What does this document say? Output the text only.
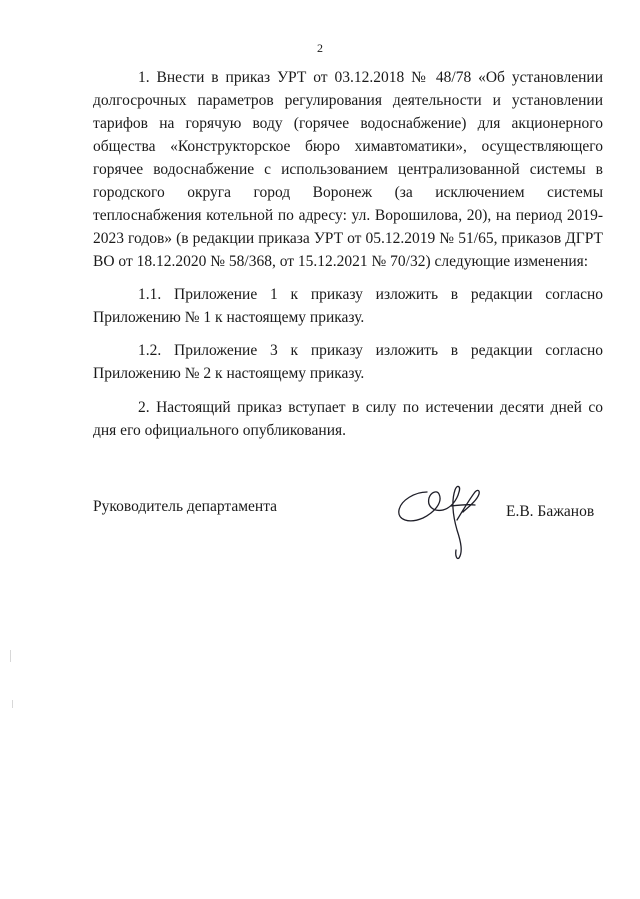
2

1. Внести в приказ УРТ от 03.12.2018 № 48/78 «Об установлении долгосрочных параметров регулирования деятельности и установлении тарифов на горячую воду (горячее водоснабжение) для акционерного общества «Конструкторское бюро химавтоматики», осуществляющего горячее водоснабжение с использованием централизованной системы в городского округа город Воронеж (за исключением системы теплоснабжения котельной по адресу: ул. Ворошилова, 20), на период 2019-2023 годов» (в редакции приказа УРТ от 05.12.2019 № 51/65, приказов ДГРТ ВО от 18.12.2020 № 58/368, от 15.12.2021 № 70/32) следующие изменения:

1.1. Приложение 1 к приказу изложить в редакции согласно Приложению № 1 к настоящему приказу.

1.2. Приложение 3 к приказу изложить в редакции согласно Приложению № 2 к настоящему приказу.

2. Настоящий приказ вступает в силу по истечении десяти дней со дня его официального опубликования.

Руководитель департамента	Е.В. Бажанов
